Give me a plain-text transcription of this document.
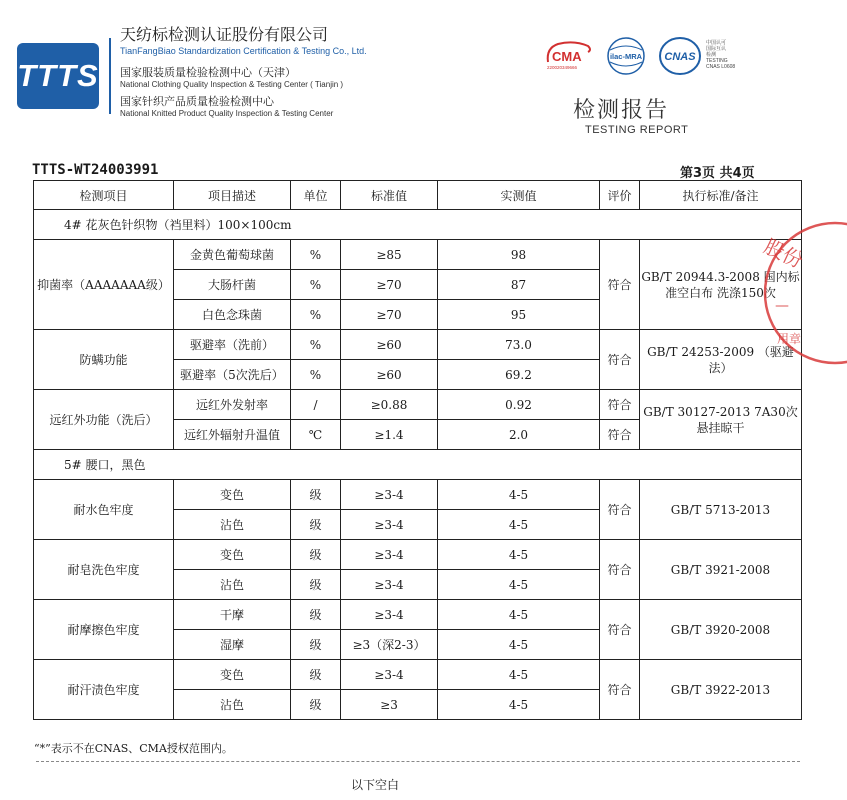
TTTS
天纺标检测认证股份有限公司
TianFangBiao Standardization Certification & Testing Co., Ltd.
国家服装质量检验检测中心（天津）
National Clothing Quality Inspection & Testing Center ( Tianjin )
国家针织产品质量检验检测中心
National Knitted Product Quality Inspection & Testing Center
CMA
220020349666
ilac-MRA CNAS
中国认可
国际互认
检测
TESTING
CNAS L0608
检测报告
TESTING REPORT
TTTS-WT24003991	第3页 共4页
检测项目	项目描述	单位	标准值	实测值	评价	执行标准/备注
4# 花灰色针织物（裆里料）100×100cm						
抑菌率（AAAAAAA级）	金黄色葡萄球菌	%	≥85	98	符合	GB/T 20944.3-2008 国内标准空白布 洗涤150次
	大肠杆菌	%	≥70	87		
	白色念珠菌	%	≥70	95		
防螨功能	驱避率（洗前）	%	≥60	73.0	符合	GB/T 24253-2009 （驱避法）
	驱避率（5次洗后）	%	≥60	69.2		
远红外功能（洗后）	远红外发射率	/	≥0.88	0.92	符合	GB/T 30127-2013 7A30次 悬挂晾干
	远红外辐射升温值	℃	≥1.4	2.0	符合	
5# 腰口，黑色						
耐水色牢度	变色	级	≥3-4	4-5	符合	GB/T 5713-2013
	沾色	级	≥3-4	4-5		
耐皂洗色牢度	变色	级	≥3-4	4-5	符合	GB/T 3921-2008
	沾色	级	≥3-4	4-5		
耐摩擦色牢度	干摩	级	≥3-4	4-5	符合	GB/T 3920-2008
	湿摩	级	≥3（深2-3）	4-5		
耐汗渍色牢度	变色	级	≥3-4	4-5	符合	GB/T 3922-2013
	沾色	级	≥3	4-5		
股份
用章
—
“*”表示不在CNAS、CMA授权范围内。
以下空白
